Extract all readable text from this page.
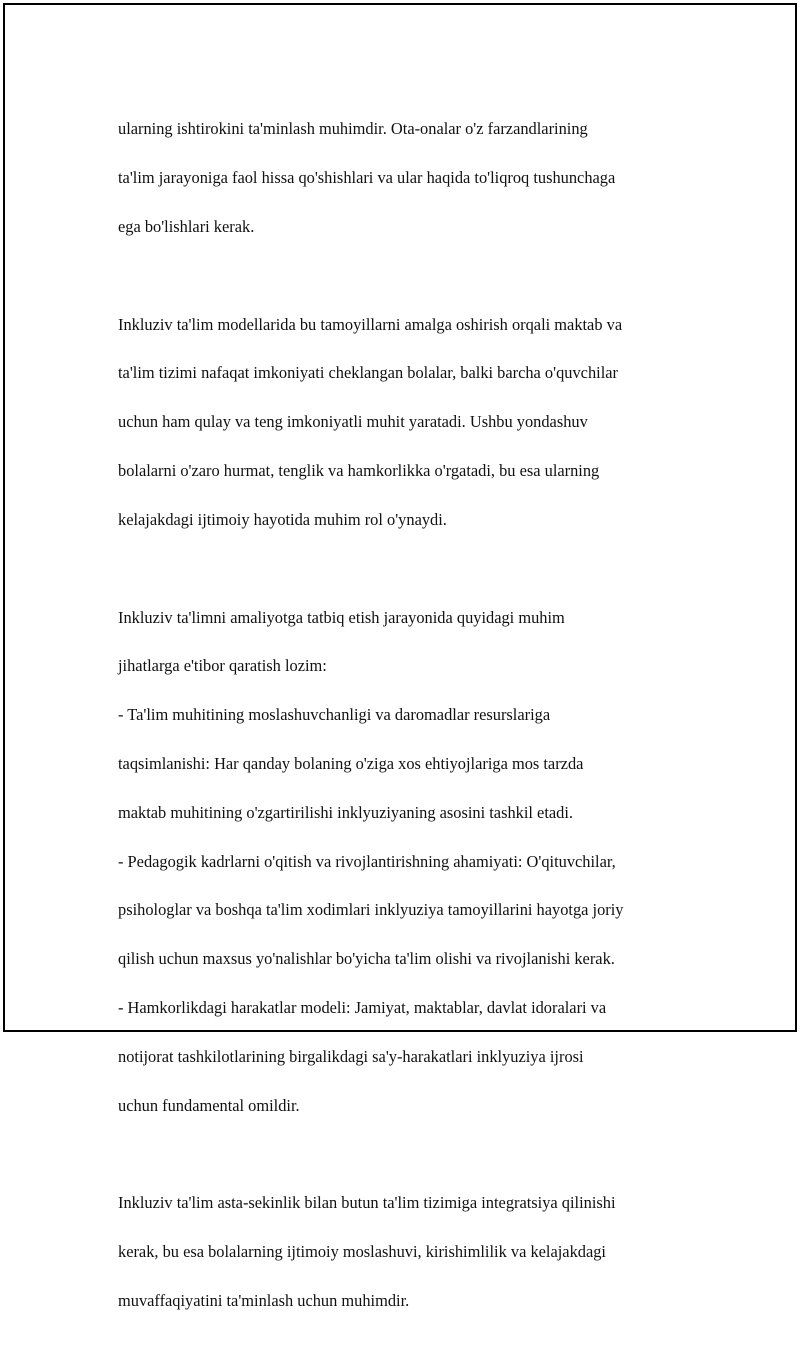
ularning ishtirokini ta'minlash muhimdir. Ota-onalar o'z farzandlarining

ta'lim jarayoniga faol hissa qo'shishlari va ular haqida to'liqroq tushunchaga

ega bo'lishlari kerak.

Inkluziv ta'lim modellarida bu tamoyillarni amalga oshirish orqali maktab va

ta'lim tizimi nafaqat imkoniyati cheklangan bolalar, balki barcha o'quvchilar

uchun ham qulay va teng imkoniyatli muhit yaratadi. Ushbu yondashuv

bolalarni o'zaro hurmat, tenglik va hamkorlikka o'rgatadi, bu esa ularning

kelajakdagi ijtimoiy hayotida muhim rol o'ynaydi.

Inkluziv ta'limni amaliyotga tatbiq etish jarayonida quyidagi muhim

jihatlarga e'tibor qaratish lozim:

- Ta'lim muhitining moslashuvchanligi va daromadlar resurslariga

taqsimlanishi: Har qanday bolaning o'ziga xos ehtiyojlariga mos tarzda

maktab muhitining o'zgartirilishi inklyuziyaning asosini tashkil etadi.

- Pedagogik kadrlarni o'qitish va rivojlantirishning ahamiyati: O'qituvchilar,

psihologlar va boshqa ta'lim xodimlari inklyuziya tamoyillarini hayotga joriy

qilish uchun maxsus yo'nalishlar bo'yicha ta'lim olishi va rivojlanishi kerak.

- Hamkorlikdagi harakatlar modeli: Jamiyat, maktablar, davlat idoralari va

notijorat tashkilotlarining birgalikdagi sa'y-harakatlari inklyuziya ijrosi

uchun fundamental omildir.

Inkluziv ta'lim asta-sekinlik bilan butun ta'lim tizimiga integratsiya qilinishi

kerak, bu esa bolalarning ijtimoiy moslashuvi, kirishimlilik va kelajakdagi

muvaffaqiyatini ta'minlash uchun muhimdir.
